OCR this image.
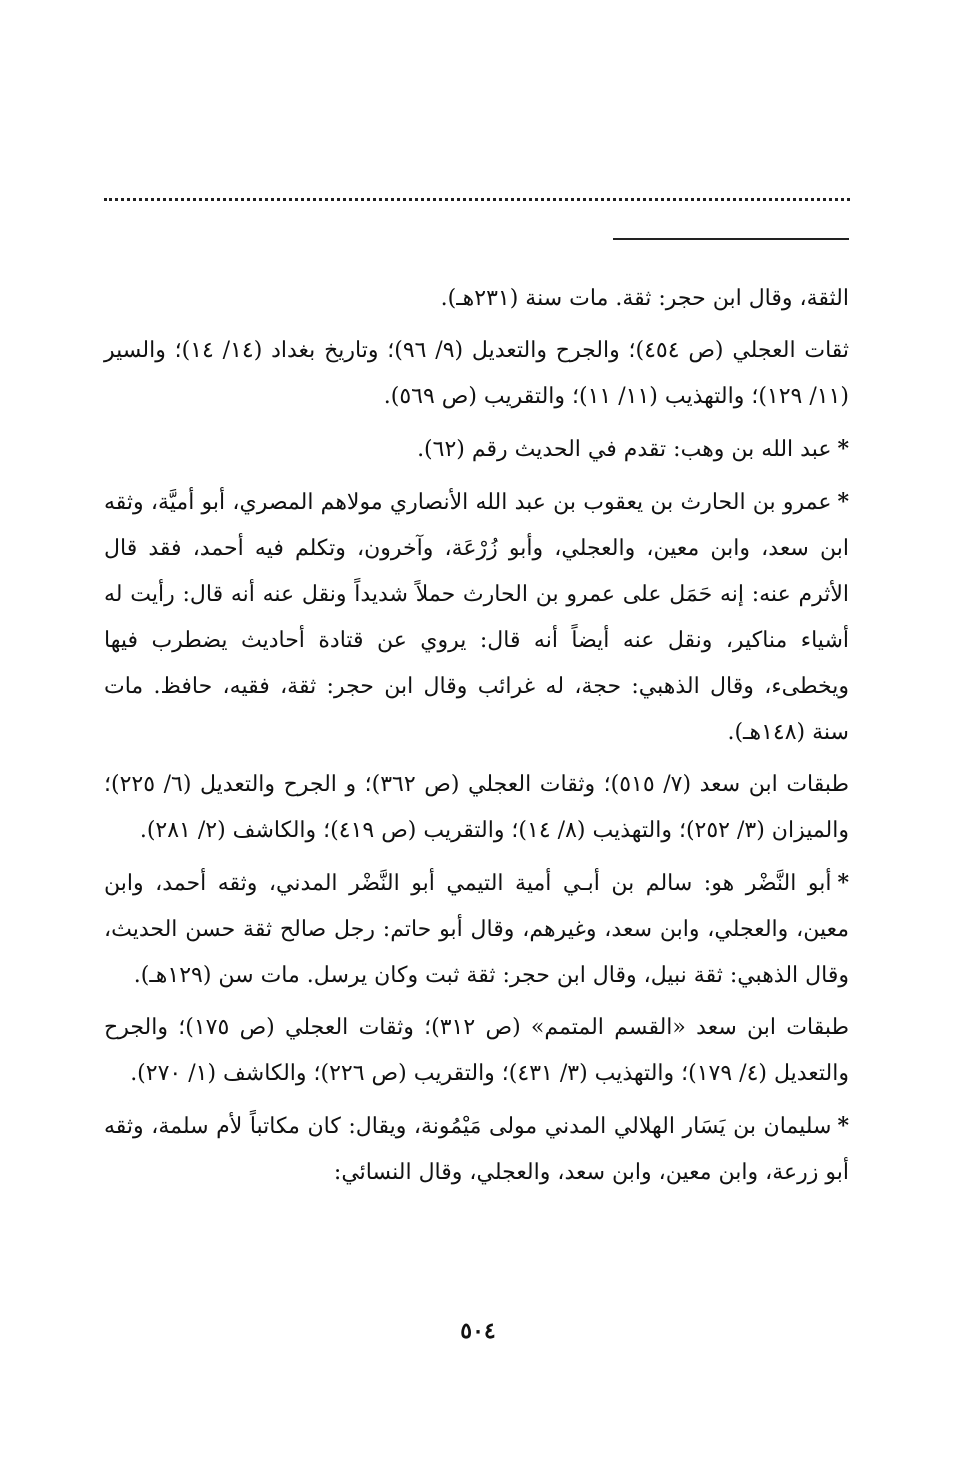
الثقة، وقال ابن حجر: ثقة. مات سنة (٢٣١هـ).

ثقات العجلي (ص ٤٥٤)؛ والجرح والتعديل (٩/ ٩٦)؛ وتاريخ بغداد (١٤/ ١٤)؛ والسير (١١/ ١٢٩)؛ والتهذيب (١١/ ١١)؛ والتقريب (ص ٥٦٩).

*عبد الله بن وهب: تقدم في الحديث رقم (٦٢).

*عمرو بن الحارث بن يعقوب بن عبد الله الأنصاري مولاهم المصري، أبو أميَّة، وثقه ابن سعد، وابن معين، والعجلي، وأبو زُرْعَة، وآخرون، وتكلم فيه أحمد، فقد قال الأثرم عنه: إنه حَمَل على عمرو بن الحارث حملاً شديداً ونقل عنه أنه قال: رأيت له أشياء مناكير، ونقل عنه أيضاً أنه قال: يروي عن قتادة أحاديث يضطرب فيها ويخطىء، وقال الذهبي: حجة، له غرائب وقال ابن حجر: ثقة، فقيه، حافظ. مات سنة (١٤٨هـ).

طبقات ابن سعد (٧/ ٥١٥)؛ وثقات العجلي (ص ٣٦٢)؛ و الجرح والتعديل (٦/ ٢٢٥)؛ والميزان (٣/ ٢٥٢)؛ والتهذيب (٨/ ١٤)؛ والتقريب (ص ٤١٩)؛ والكاشف (٢/ ٢٨١).

*أبو النَّضْر هو: سالم بن أبـي أمية التيمي أبو النَّضْر المدني، وثقه أحمد، وابن معين، والعجلي، وابن سعد، وغيرهم، وقال أبو حاتم: رجل صالح ثقة حسن الحديث، وقال الذهبي: ثقة نبيل، وقال ابن حجر: ثقة ثبت وكان يرسل. مات سن (١٢٩هـ).

طبقات ابن سعد «القسم المتمم» (ص ٣١٢)؛ وثقات العجلي (ص ١٧٥)؛ والجرح والتعديل (٤/ ١٧٩)؛ والتهذيب (٣/ ٤٣١)؛ والتقريب (ص ٢٢٦)؛ والكاشف (١/ ٢٧٠).

*سليمان بن يَسَار الهلالي المدني مولى مَيْمُونة، ويقال: كان مكاتباً لأم سلمة، وثقه أبو زرعة، وابن معين، وابن سعد، والعجلي، وقال النسائي:

٥٠٤
